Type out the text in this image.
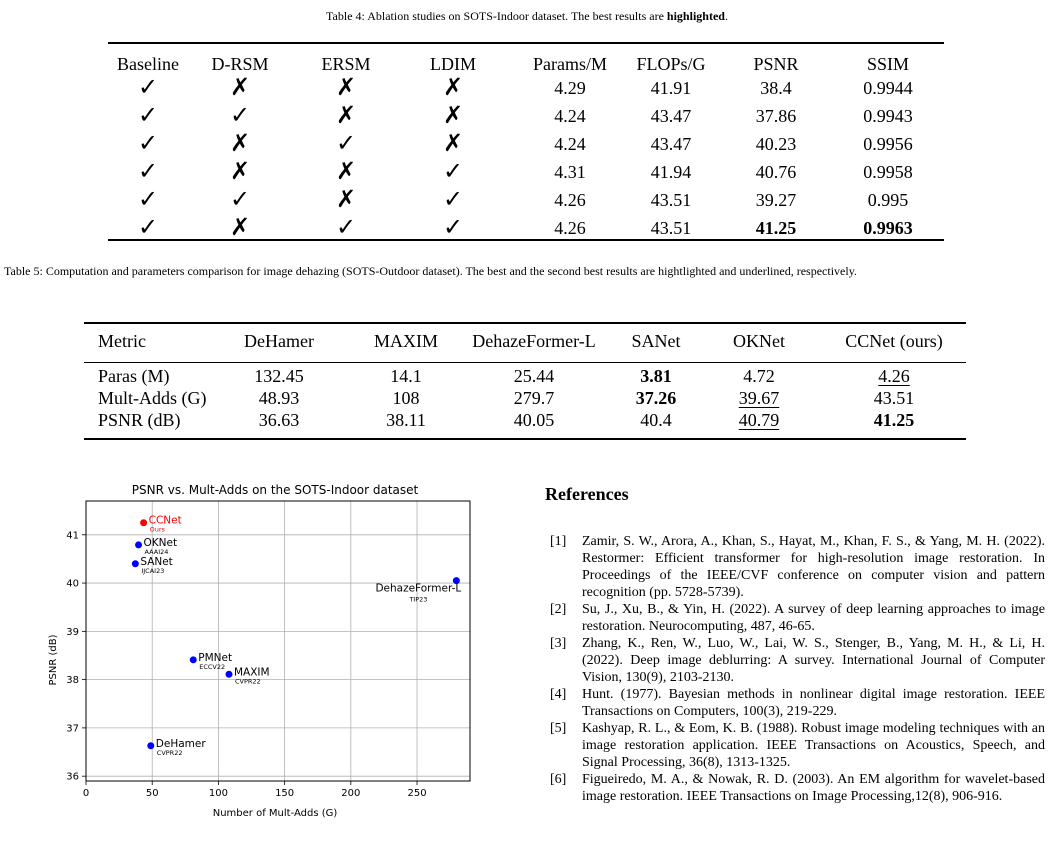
Table 4: Ablation studies on SOTS-Indoor dataset. The best results are highlighted.
Baseline	D-RSM	ERSM	LDIM	Params/M	FLOPs/G	PSNR	SSIM
✓	✗	✗	✗	4.29	41.91	38.4	0.9944
✓	✓	✗	✗	4.24	43.47	37.86	0.9943
✓	✗	✓	✗	4.24	43.47	40.23	0.9956
✓	✗	✗	✓	4.31	41.94	40.76	0.9958
✓	✓	✗	✓	4.26	43.51	39.27	0.995
✓	✗	✓	✓	4.26	43.51	41.25	0.9963
Table 5: Computation and parameters comparison for image dehazing (SOTS-Outdoor dataset). The best and the second best results are hightlighted and underlined, respectively.
Metric	DeHamer	MAXIM	DehazeFormer-L	SANet	OKNet	CCNet (ours)
Paras (M)	132.45	14.1	25.44	3.81	4.72	4.26
Mult-Adds (G)	48.93	108	279.7	37.26	39.67	43.51
PSNR (dB)	36.63	38.11	40.05	40.4	40.79	41.25
PSNR vs. Mult-Adds on the SOTS-Indoor dataset
Number of Mult-Adds (G)
PSNR (dB)
0	50	100	150	200	250
36
37
38
39
40
41
CCNet
Ours
OKNet
AAAI24
SANet
IJCAI23
DehazeFormer-L
TIP23
PMNet
ECCV22 MAXIM
CVPR22
DeHamer
CVPR22
References
[1] Zamir, S. W., Arora, A., Khan, S., Hayat, M., Khan, F. S., & Yang, M. H. (2022). Restormer: Efficient transformer for high-resolution image restoration. In Proceedings of the IEEE/CVF conference on computer vision and pattern recognition (pp. 5728-5739).
[2] Su, J., Xu, B., & Yin, H. (2022). A survey of deep learning approaches to image restoration. Neurocomputing, 487, 46-65.
[3] Zhang, K., Ren, W., Luo, W., Lai, W. S., Stenger, B., Yang, M. H., & Li, H. (2022). Deep image deblurring: A survey. International Journal of Computer Vision, 130(9), 2103-2130.
[4] Hunt. (1977). Bayesian methods in nonlinear digital image restoration. IEEE Transactions on Computers, 100(3), 219-229.
[5] Kashyap, R. L., & Eom, K. B. (1988). Robust image modeling techniques with an image restoration application. IEEE Transactions on Acoustics, Speech, and Signal Processing, 36(8), 1313-1325.
[6] Figueiredo, M. A., & Nowak, R. D. (2003). An EM algorithm for wavelet-based image restoration. IEEE Transactions on Image Processing,12(8), 906-916.
